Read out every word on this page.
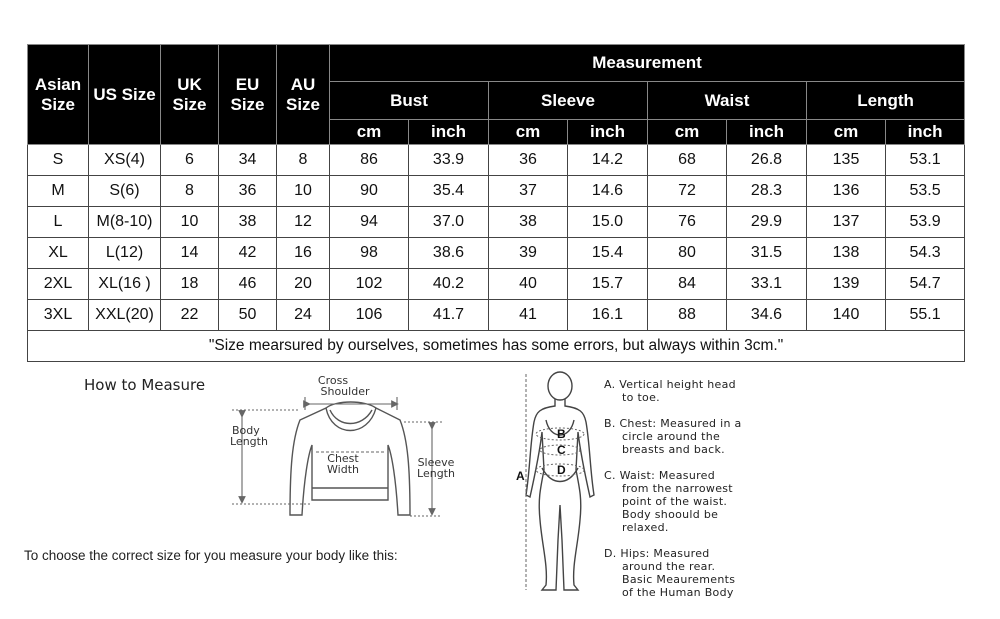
Asian Size	US Size	UK Size	EU Size	AU Size	Measurement							
					Bust		Sleeve		Waist		Length	
					cm	inch	cm	inch	cm	inch	cm	inch
S	XS(4)	6	34	8	86	33.9	36	14.2	68	26.8	135	53.1
M	S(6)	8	36	10	90	35.4	37	14.6	72	28.3	136	53.5
L	M(8-10)	10	38	12	94	37.0	38	15.0	76	29.9	137	53.9
XL	L(12)	14	42	16	98	38.6	39	15.4	80	31.5	138	54.3
2XL	XL(16 )	18	46	20	102	40.2	40	15.7	84	33.1	139	54.7
3XL	XXL(20)	22	50	24	106	41.7	41	16.1	88	34.6	140	55.1
"Size mearsured by ourselves, sometimes has some errors, but always within 3cm."												
How to Measure	Cross Shoulder
Body Length
Chest Width
Sleeve Length	A
B
C
D
To choose the correct size for you measure your body like this:
A. Vertical height head
to toe.
B. Chest: Measured in a
circle around the
breasts and back.
C. Waist: Measured
from the narrowest
point of the waist.
Body shoould be
relaxed.
D. Hips: Measured
around the rear.
Basic Meaurements
of the Human Body
